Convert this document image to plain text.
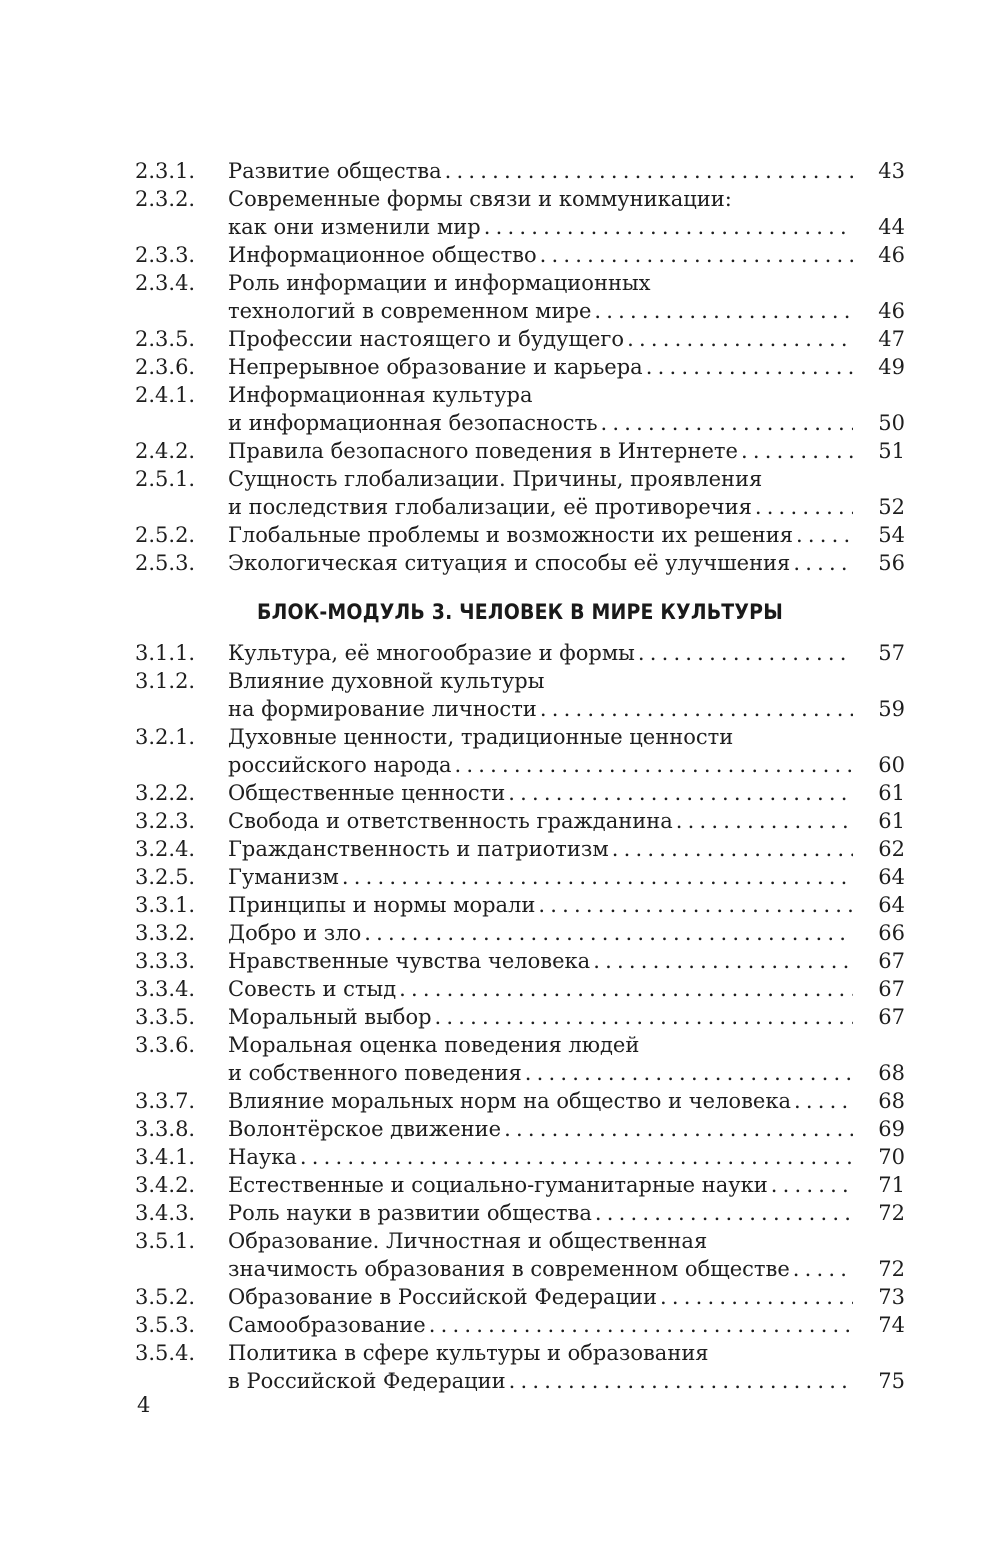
2.3.1.	Развитие общества .....	43
2.3.2.	Современные формы связи и коммуникации:
как они изменили мир .....	44
2.3.3.	Информационное общество .....	46
2.3.4.	Роль информации и информационных
технологий в современном мире .....	46
2.3.5.	Профессии настоящего и будущего .....	47
2.3.6.	Непрерывное образование и карьера .....	49
2.4.1.	Информационная культура
и информационная безопасность .....	50
2.4.2.	Правила безопасного поведения в Интернете .....	51
2.5.1.	Сущность глобализации. Причины, проявления
и последствия глобализации, её противоречия .....	52
2.5.2.	Глобальные проблемы и возможности их решения .....	54
2.5.3.	Экологическая ситуация и способы её улучшения .....	56
БЛОК-МОДУЛЬ 3. ЧЕЛОВЕК В МИРЕ КУЛЬТУРЫ
3.1.1.	Культура, её многообразие и формы .....	57
3.1.2.	Влияние духовной культуры
на формирование личности .....	59
3.2.1.	Духовные ценности, традиционные ценности
российского народа .....	60
3.2.2.	Общественные ценности .....	61
3.2.3.	Свобода и ответственность гражданина .....	61
3.2.4.	Гражданственность и патриотизм .....	62
3.2.5.	Гуманизм .....	64
3.3.1.	Принципы и нормы морали .....	64
3.3.2.	Добро и зло .....	66
3.3.3.	Нравственные чувства человека .....	67
3.3.4.	Совесть и стыд .....	67
3.3.5.	Моральный выбор .....	67
3.3.6.	Моральная оценка поведения людей
и собственного поведения .....	68
3.3.7.	Влияние моральных норм на общество и человека .....	68
3.3.8.	Волонтёрское движение .....	69
3.4.1.	Наука .....	70
3.4.2.	Естественные и социально-гуманитарные науки .....	71
3.4.3.	Роль науки в развитии общества .....	72
3.5.1.	Образование. Личностная и общественная
значимость образования в современном обществе .....	72
3.5.2.	Образование в Российской Федерации .....	73
3.5.3.	Самообразование .....	74
3.5.4.	Политика в сфере культуры и образования
в Российской Федерации .....	75
4
